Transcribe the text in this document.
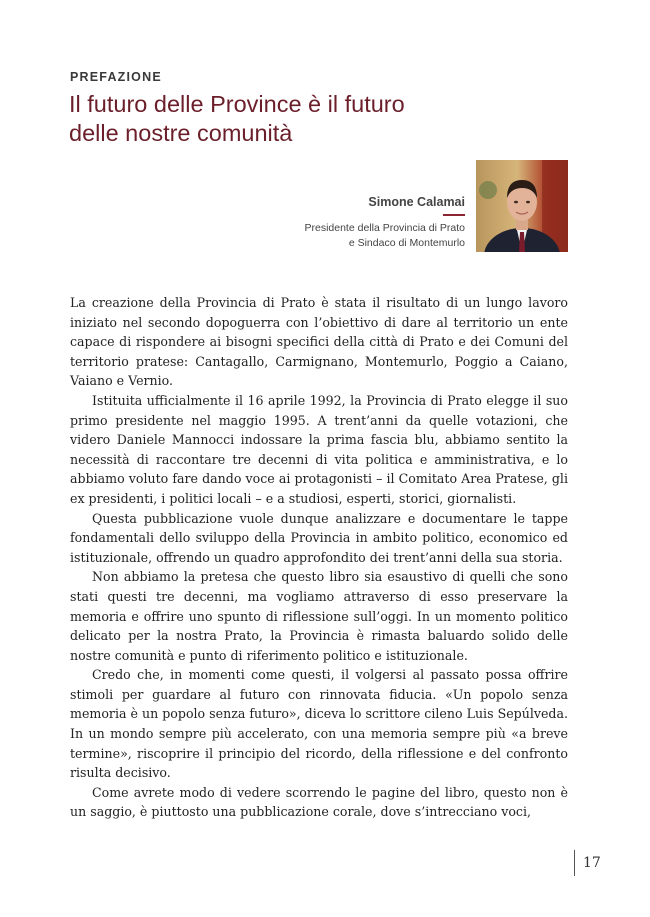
PREFAZIONE
Il futuro delle Province è il futuro
delle nostre comunità
Simone Calamai
Presidente della Provincia di Prato
e Sindaco di Montemurlo

La creazione della Provincia di Prato è stata il risultato di un lungo lavoro iniziato nel secondo dopoguerra con l’obiettivo di dare al territorio un ente capace di rispondere ai bisogni specifici della città di Prato e dei Comuni del territorio pratese: Cantagallo, Carmignano, Montemurlo, Poggio a Caiano, Vaiano e Vernio.

Istituita ufficialmente il 16 aprile 1992, la Provincia di Prato elegge il suo primo presidente nel maggio 1995. A trent’anni da quelle votazioni, che videro Daniele Mannocci indossare la prima fascia blu, abbiamo sentito la necessità di raccontare tre decenni di vita politica e amministrativa, e lo abbiamo voluto fare dando voce ai protagonisti – il Comitato Area Pratese, gli ex presidenti, i politici locali – e a studiosi, esperti, storici, giornalisti.

Questa pubblicazione vuole dunque analizzare e documentare le tappe fondamentali dello sviluppo della Provincia in ambito politico, economico ed istituzionale, offrendo un quadro approfondito dei trent’anni della sua storia.

Non abbiamo la pretesa che questo libro sia esaustivo di quelli che sono stati questi tre decenni, ma vogliamo attraverso di esso preservare la memoria e offrire uno spunto di riflessione sull’oggi. In un momento politico delicato per la nostra Prato, la Provincia è rimasta baluardo solido delle nostre comunità e punto di riferimento politico e istituzionale.

Credo che, in momenti come questi, il volgersi al passato possa offrire stimoli per guardare al futuro con rinnovata fiducia. «Un popolo senza memoria è un popolo senza futuro», diceva lo scrittore cileno Luis Sepúlveda. In un mondo sempre più accelerato, con una memoria sempre più «a breve termine», riscoprire il principio del ricordo, della riflessione e del confronto risulta decisivo.

Come avrete modo di vedere scorrendo le pagine del libro, questo non è un saggio, è piuttosto una pubblicazione corale, dove s’intrecciano voci,

17
